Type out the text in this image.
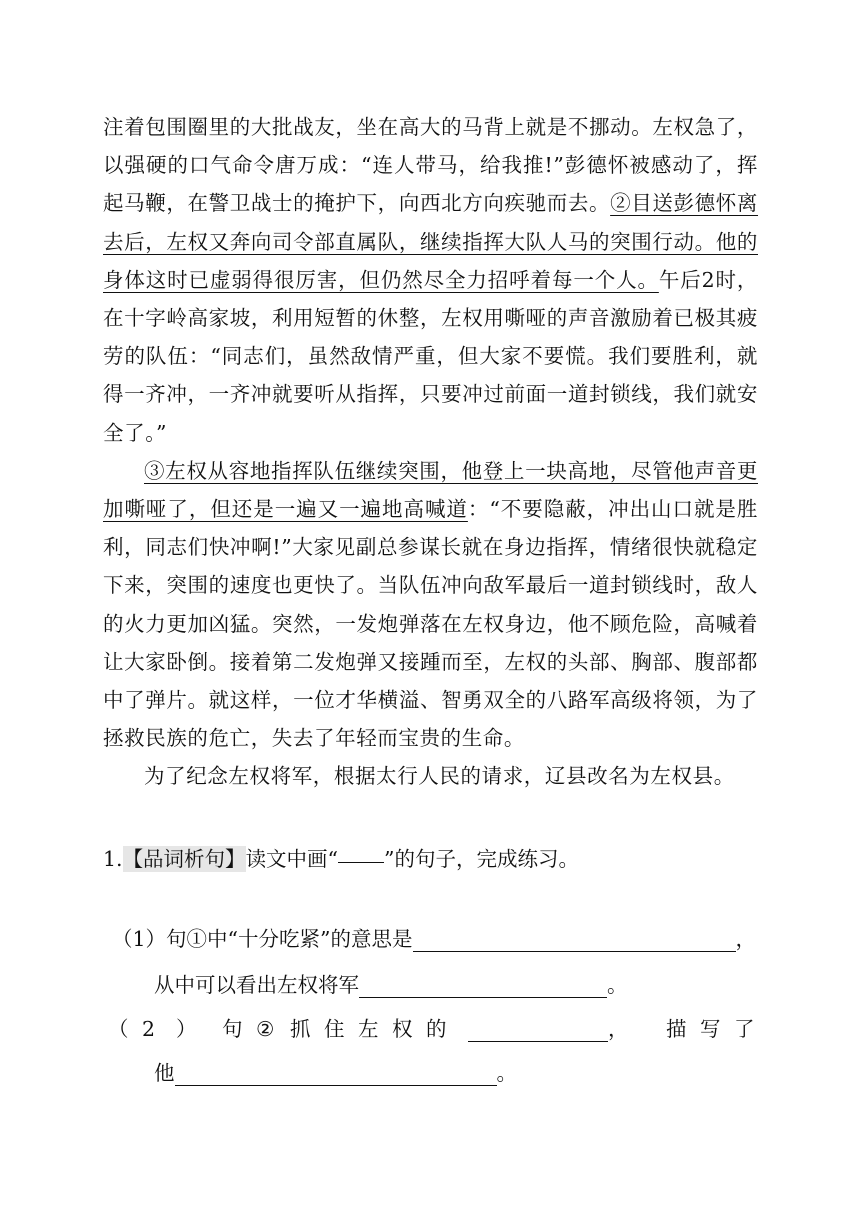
注着包围圈里的大批战友，坐在高大的马背上就是不挪动。左权急了，以强硬的口气命令唐万成：“连人带马，给我推!”彭德怀被感动了，挥起马鞭，在警卫战士的掩护下，向西北方向疾驰而去。②目送彭德怀离去后，左权又奔向司令部直属队，继续指挥大队人马的突围行动。他的身体这时已虚弱得很厉害，但仍然尽全力招呼着每一个人。午后2时，在十字岭高家坡，利用短暂的休整，左权用嘶哑的声音激励着已极其疲劳的队伍：“同志们，虽然敌情严重，但大家不要慌。我们要胜利，就得一齐冲，一齐冲就要听从指挥，只要冲过前面一道封锁线，我们就安全了。”

③左权从容地指挥队伍继续突围，他登上一块高地，尽管他声音更加嘶哑了，但还是一遍又一遍地高喊道：“不要隐蔽，冲出山口就是胜利，同志们快冲啊!”大家见副总参谋长就在身边指挥，情绪很快就稳定下来，突围的速度也更快了。当队伍冲向敌军最后一道封锁线时，敌人的火力更加凶猛。突然，一发炮弹落在左权身边，他不顾危险，高喊着让大家卧倒。接着第二发炮弹又接踵而至，左权的头部、胸部、腹部都中了弹片。就这样，一位才华横溢、智勇双全的八路军高级将领，为了拯救民族的危亡，失去了年轻而宝贵的生命。

为了纪念左权将军，根据太行人民的请求，辽县改名为左权县。

1.【品词析句】读文中画“ ”的句子，完成练习。
（1）句①中“十分吃紧”的意思是	，
从中可以看出左权将军	。
（ 2 ） 句 ② 抓 住 左 权 的	， 描 写 了
他	。
